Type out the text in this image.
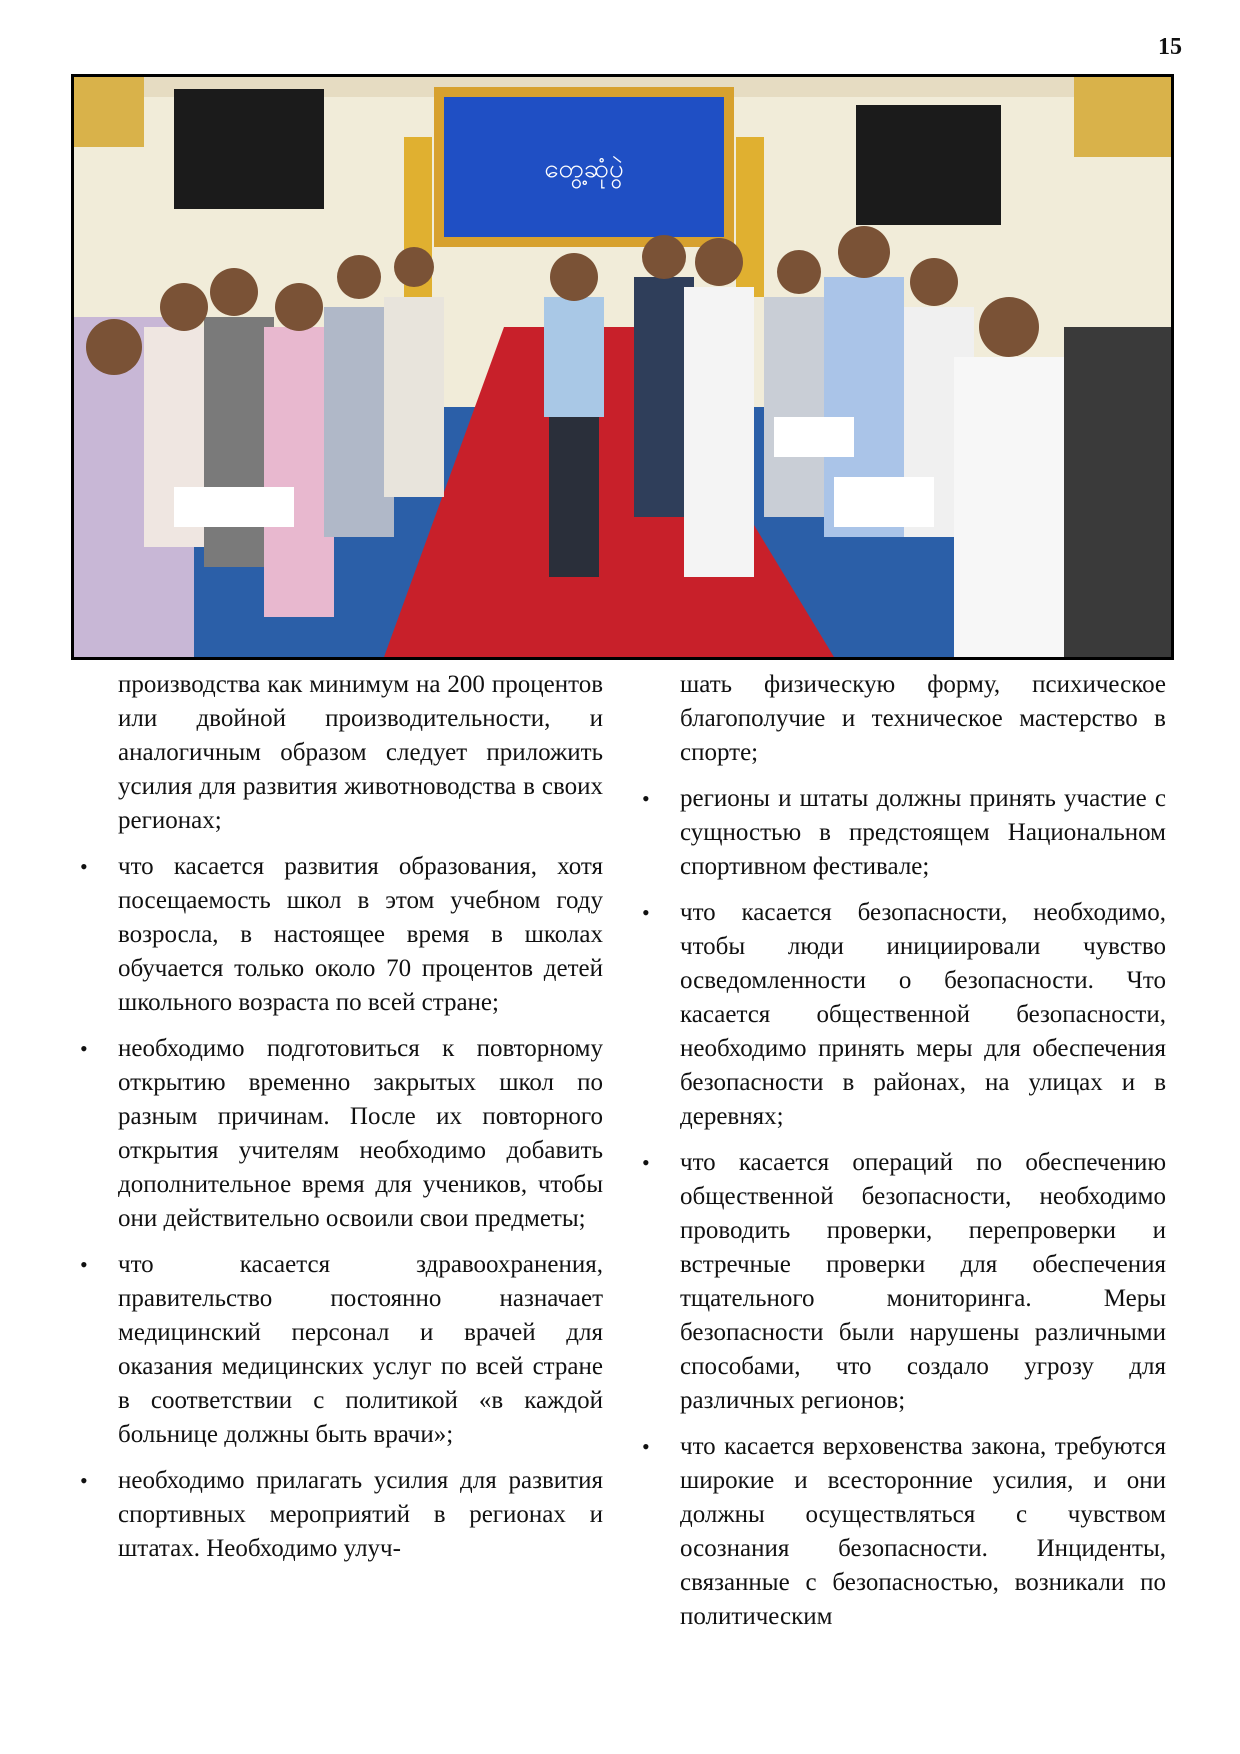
15
တွေ့ဆုံပွဲ

производства как минимум на 200 процентов или двойной производительности, и аналогичным образом следует приложить усилия для развития животноводства в своих регионах;

• что касается развития образования, хотя посещаемость школ в этом учебном году возросла, в настоящее время в школах обучается только около 70 процентов детей школьного возраста по всей стране;

• необходимо подготовиться к повторному открытию временно закрытых школ по разным причинам. После их повторного открытия учителям необходимо добавить дополнительное время для учеников, чтобы они действительно освоили свои предметы;

• что касается здравоохранения, правительство постоянно назначает медицинский персонал и врачей для оказания медицинских услуг по всей стране в соответствии с политикой «в каждой больнице должны быть врачи»;

• необходимо прилагать усилия для развития спортивных мероприятий в регионах и штатах. Необходимо улуч-

шать физическую форму, психическое благополучие и техническое мастерство в спорте;

• регионы и штаты должны принять участие с сущностью в предстоящем Национальном спортивном фестивале;

• что касается безопасности, необходимо, чтобы люди инициировали чувство осведомленности о безопасности. Что касается общественной безопасности, необходимо принять меры для обеспечения безопасности в районах, на улицах и в деревнях;

• что касается операций по обеспечению общественной безопасности, необходимо проводить проверки, перепроверки и встречные проверки для обеспечения тщательного мониторинга. Меры безопасности были нарушены различными способами, что создало угрозу для различных регионов;

• что касается верховенства закона, требуются широкие и всесторонние усилия, и они должны осуществляться с чувством осознания безопасности. Инциденты, связанные с безопасностью, возникали по политическим
